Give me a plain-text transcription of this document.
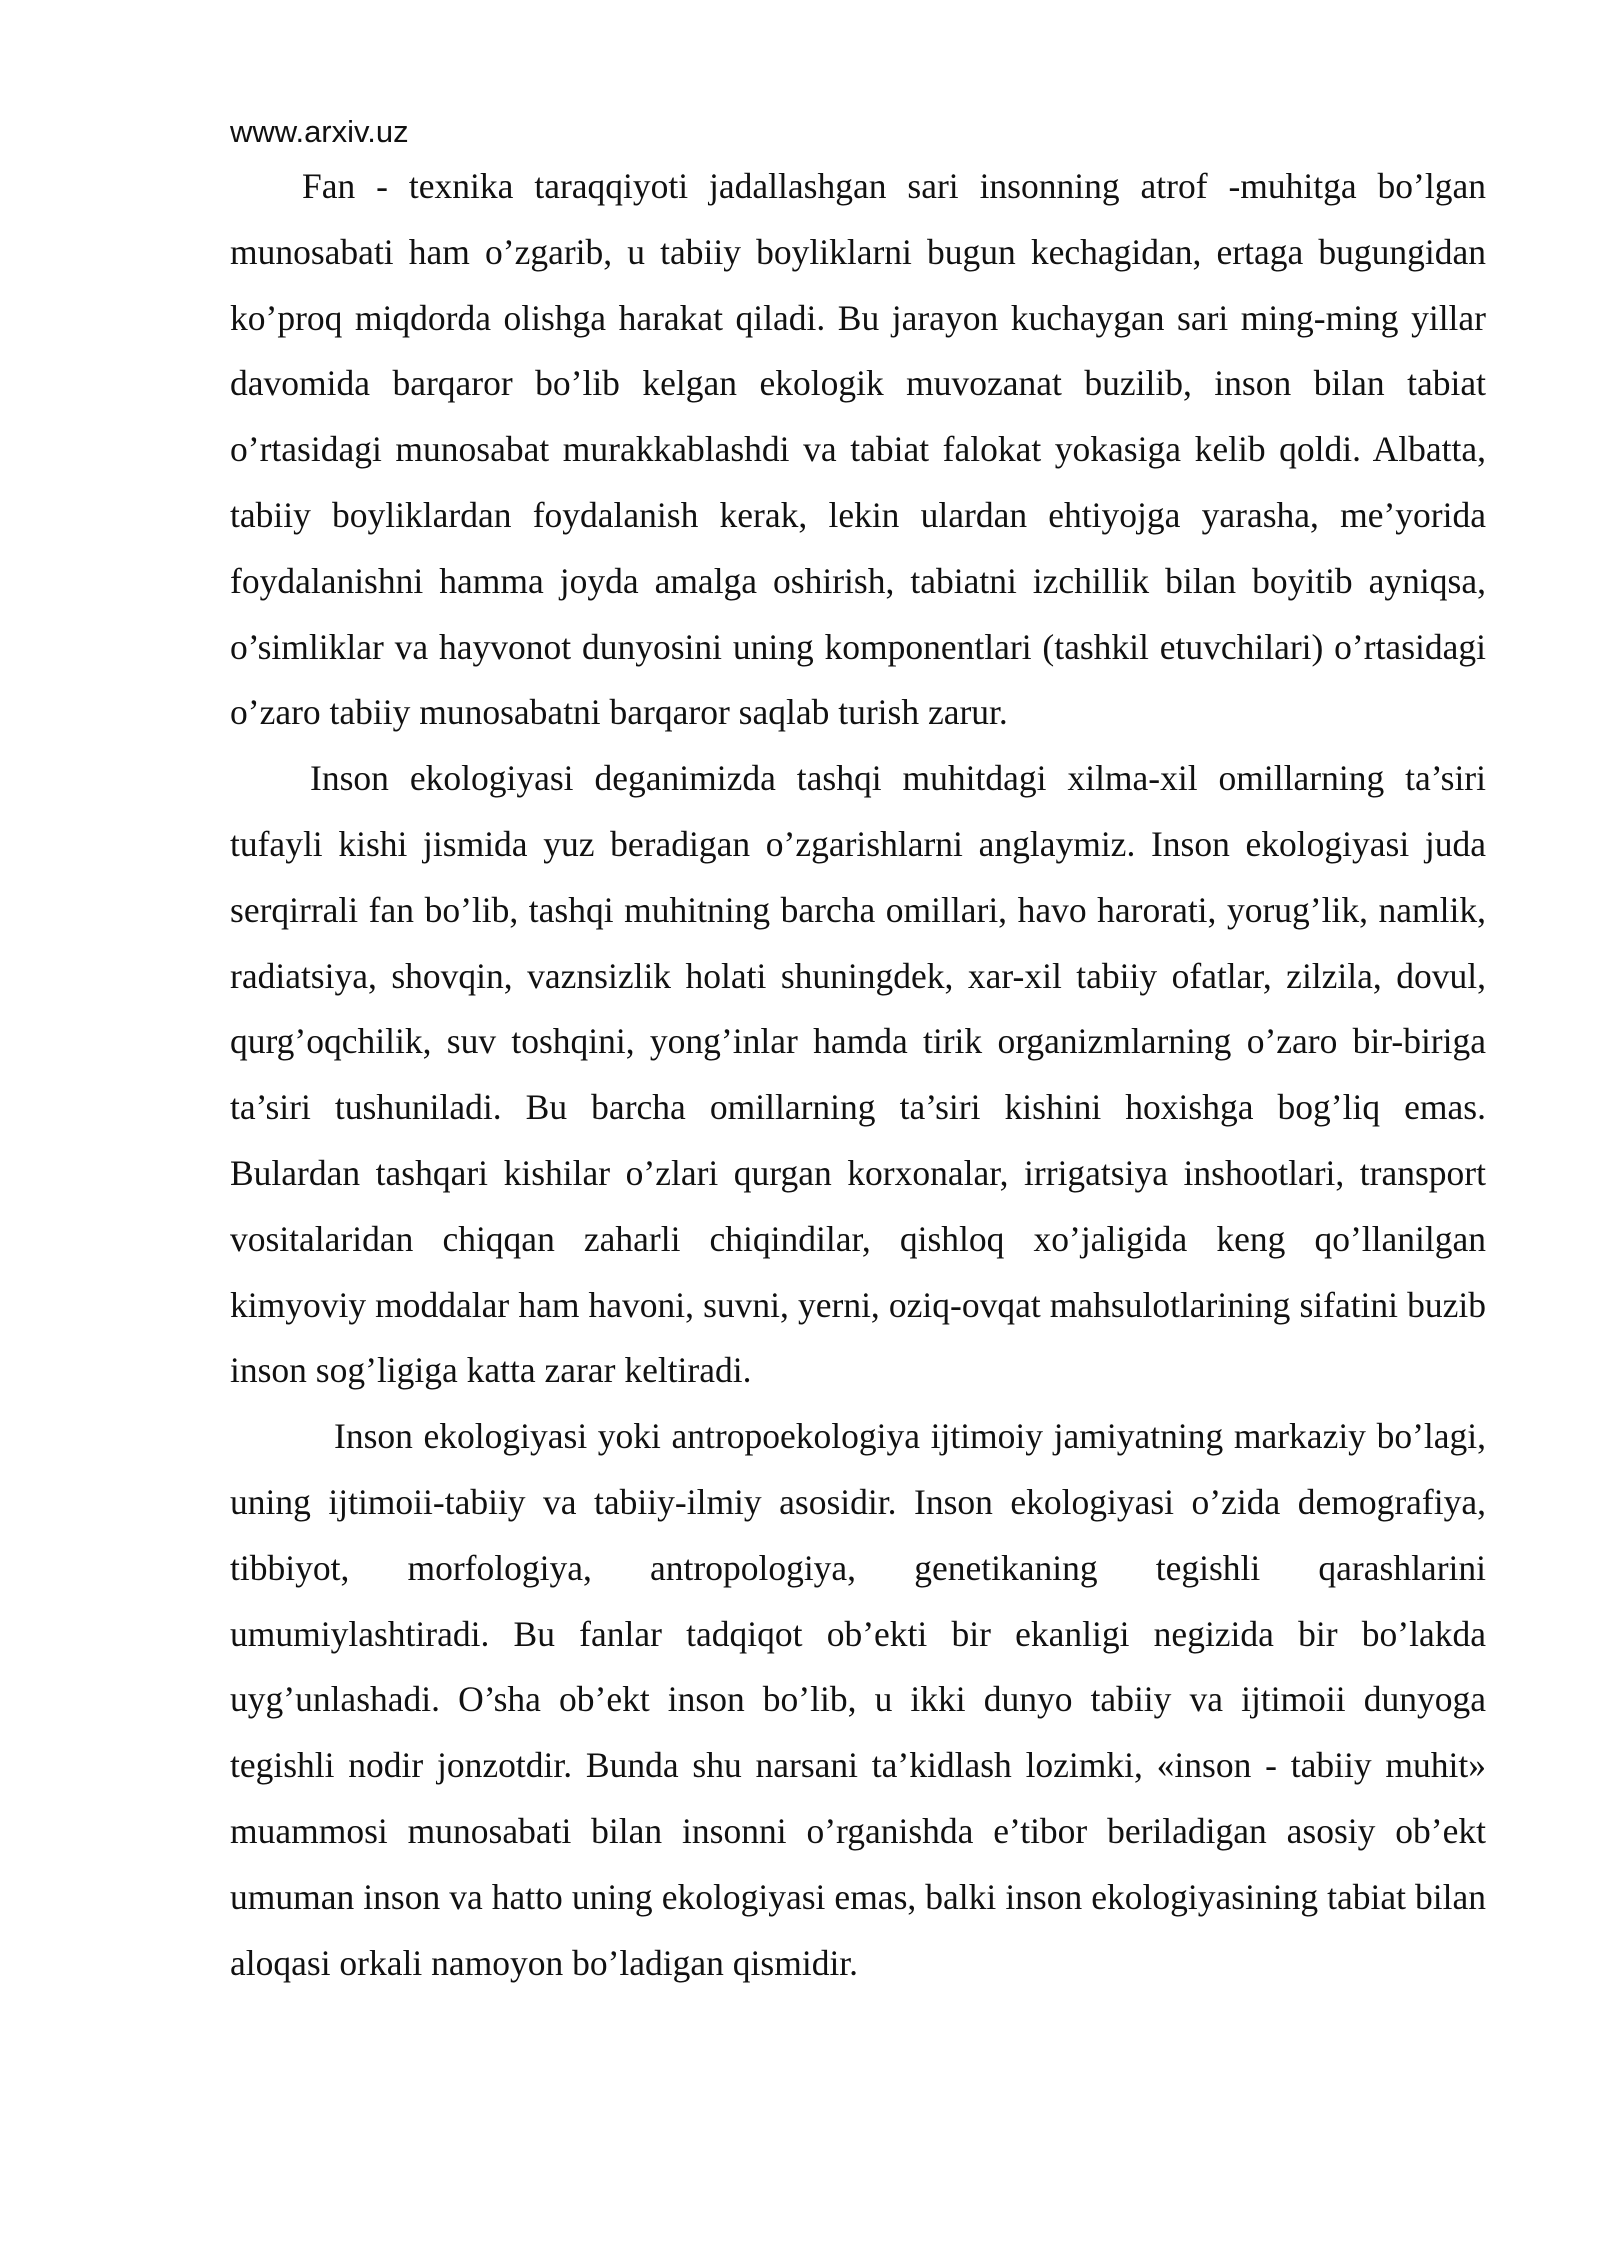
www.arxiv.uz

Fan - texnika taraqqiyoti jadallashgan sari insonning atrof -muhitga bo’lgan munosabati ham o’zgarib, u tabiiy boyliklarni bugun kechagidan, ertaga bugungidan ko’proq miqdorda olishga harakat qiladi. Bu jarayon kuchaygan sari ming-ming yillar davomida barqaror bo’lib kelgan ekologik muvozanat buzilib, inson bilan tabiat o’rtasidagi munosabat murakkablashdi va tabiat falokat yokasiga kelib qoldi. Albatta, tabiiy boyliklardan foydalanish kerak, lekin ulardan ehtiyojga yarasha, me’yorida foydalanishni hamma joyda amalga oshirish, tabiatni izchillik bilan boyitib ayniqsa, o’simliklar va hayvonot dunyosini uning komponentlari (tashkil etuvchilari) o’rtasidagi o’zaro tabiiy munosabatni barqaror saqlab turish zarur.

Inson ekologiyasi deganimizda tashqi muhitdagi xilma-xil omillarning ta’siri tufayli kishi jismida yuz beradigan o’zgarishlarni anglaymiz. Inson ekologiyasi juda serqirrali fan bo’lib, tashqi muhitning barcha omillari, havo harorati, yorug’lik, namlik, radiatsiya, shovqin, vaznsizlik holati shuningdek, xar-xil tabiiy ofatlar, zilzila, dovul, qurg’oqchilik, suv toshqini, yong’inlar hamda tirik organizmlarning o’zaro bir-biriga ta’siri tushuniladi. Bu barcha omillarning ta’siri kishini hoxishga bog’liq emas. Bulardan tashqari kishilar o’zlari qurgan korxonalar, irrigatsiya inshootlari, transport vositalaridan chiqqan zaharli chiqindilar, qishloq xo’jaligida keng qo’llanilgan kimyoviy moddalar ham havoni, suvni, yerni, oziq-ovqat mahsulotlarining sifatini buzib inson sog’ligiga katta zarar keltiradi.

Inson ekologiyasi yoki antropoekologiya ijtimoiy jamiyatning markaziy bo’lagi, uning ijtimoii-tabiiy va tabiiy-ilmiy asosidir. Inson ekologiyasi o’zida demografiya, tibbiyot, morfologiya, antropologiya, genetikaning tegishli qarashlarini umumiylashtiradi. Bu fanlar tadqiqot ob’ekti bir ekanligi negizida bir bo’lakda uyg’unlashadi. O’sha ob’ekt inson bo’lib, u ikki dunyo tabiiy va ijtimoii dunyoga tegishli nodir jonzotdir. Bunda shu narsani ta’kidlash lozimki, «inson - tabiiy muhit» muammosi munosabati bilan insonni o’rganishda e’tibor beriladigan asosiy ob’ekt umuman inson va hatto uning ekologiyasi emas, balki inson ekologiyasining tabiat bilan aloqasi orkali namoyon bo’ladigan qismidir.
